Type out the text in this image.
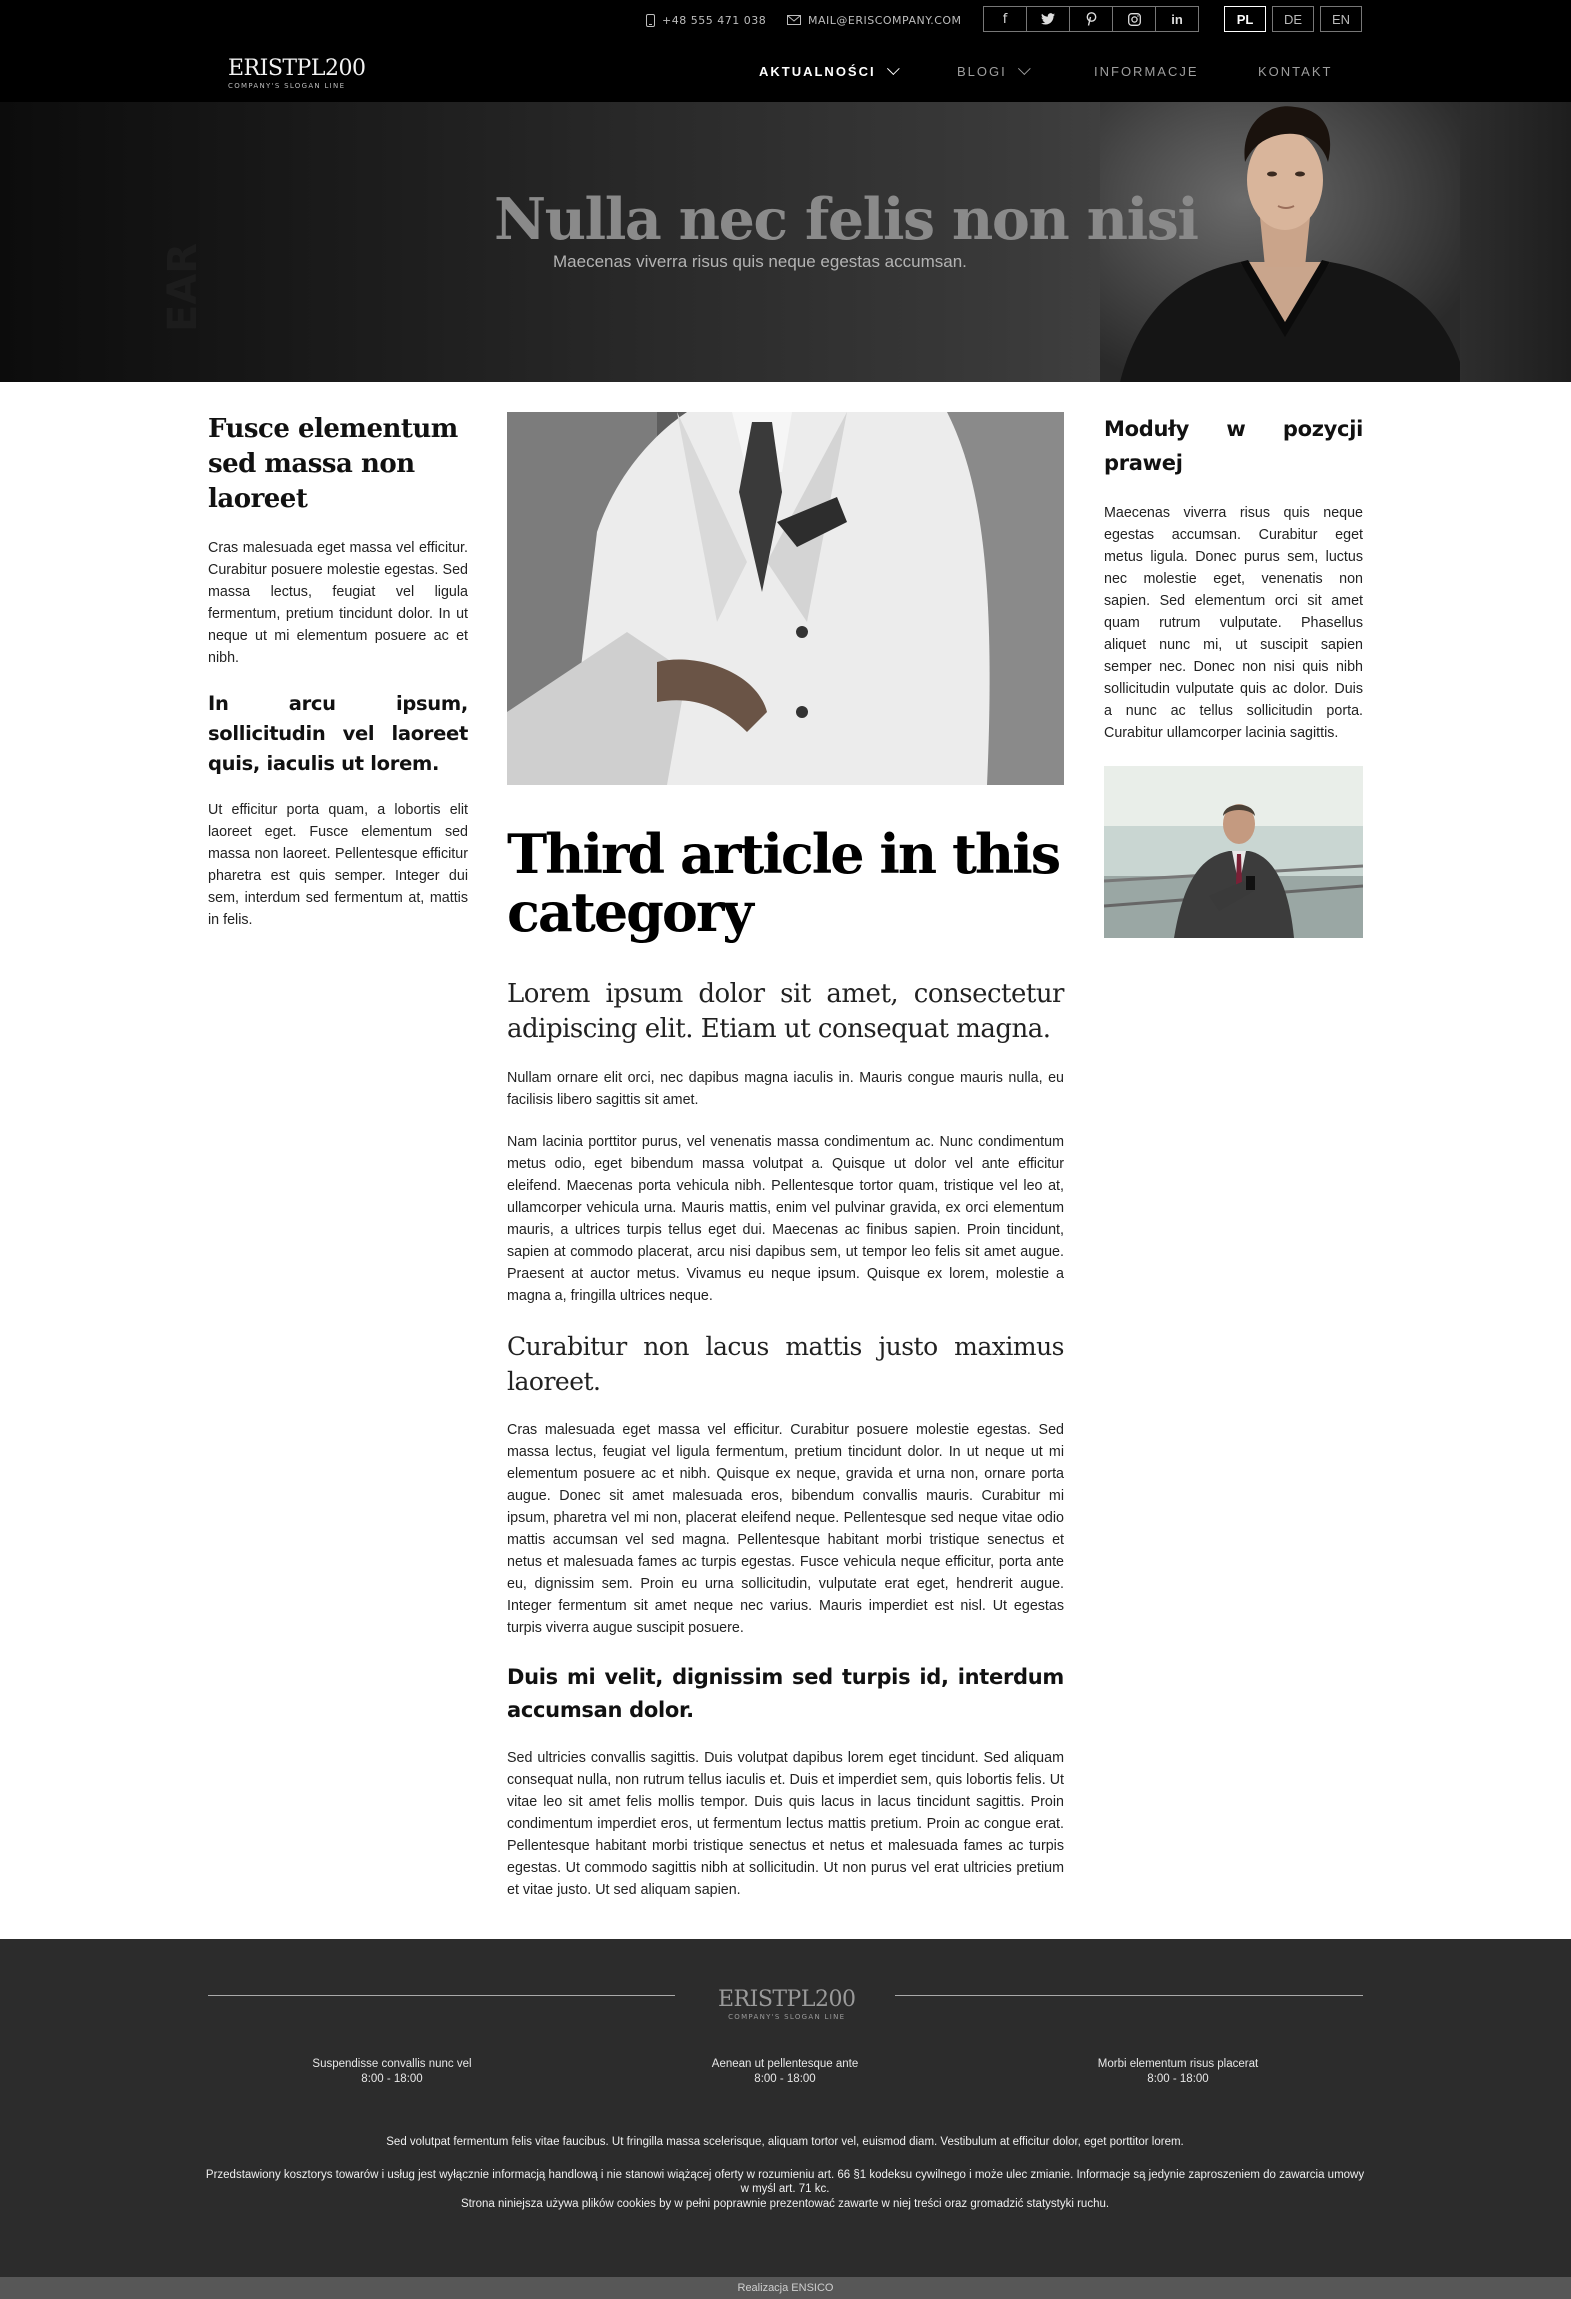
+48 555 471 038	MAIL@ERISCOMPANY.COM	f	in	PL	DE	EN
ERISTPL200
COMPANY'S SLOGAN LINE
AKTUALNOŚCI	BLOGI	INFORMACJE	KONTAKT
EAR
Nulla nec felis non nisi
Maecenas viverra risus quis neque egestas accumsan.
Fusce elementum sed massa non laoreet

Cras malesuada eget massa vel efficitur. Curabitur posuere molestie egestas. Sed massa lectus, feugiat vel ligula fermentum, pretium tincidunt dolor. In ut neque ut mi elementum posuere ac et nibh.

In arcu ipsum, sollicitudin vel laoreet quis, iaculis ut lorem.

Ut efficitur porta quam, a lobortis elit laoreet eget. Fusce elementum sed massa non laoreet. Pellentesque efficitur pharetra est quis semper. Integer dui sem, interdum sed fermentum at, mattis in felis.

Third article in this category
Lorem ipsum dolor sit amet, consectetur adipiscing elit. Etiam ut consequat magna.

Nullam ornare elit orci, nec dapibus magna iaculis in. Mauris congue mauris nulla, eu facilisis libero sagittis sit amet.

Nam lacinia porttitor purus, vel venenatis massa condimentum ac. Nunc condimentum metus odio, eget bibendum massa volutpat a. Quisque ut dolor vel ante efficitur eleifend. Maecenas porta vehicula nibh. Pellentesque tortor quam, tristique vel leo at, ullamcorper vehicula urna. Mauris mattis, enim vel pulvinar gravida, ex orci elementum mauris, a ultrices turpis tellus eget dui. Maecenas ac finibus sapien. Proin tincidunt, sapien at commodo placerat, arcu nisi dapibus sem, ut tempor leo felis sit amet augue. Praesent at auctor metus. Vivamus eu neque ipsum. Quisque ex lorem, molestie a magna a, fringilla ultrices neque.

Curabitur non lacus mattis justo maximus laoreet.

Cras malesuada eget massa vel efficitur. Curabitur posuere molestie egestas. Sed massa lectus, feugiat vel ligula fermentum, pretium tincidunt dolor. In ut neque ut mi elementum posuere ac et nibh. Quisque ex neque, gravida et urna non, ornare porta augue. Donec sit amet malesuada eros, bibendum convallis mauris. Curabitur mi ipsum, pharetra vel mi non, placerat eleifend neque. Pellentesque sed neque vitae odio mattis accumsan vel sed magna. Pellentesque habitant morbi tristique senectus et netus et malesuada fames ac turpis egestas. Fusce vehicula neque efficitur, porta ante eu, dignissim sem. Proin eu urna sollicitudin, vulputate erat eget, hendrerit augue. Integer fermentum sit amet neque nec varius. Mauris imperdiet est nisl. Ut egestas turpis viverra augue suscipit posuere.

Duis mi velit, dignissim sed turpis id, interdum accumsan dolor.

Sed ultricies convallis sagittis. Duis volutpat dapibus lorem eget tincidunt. Sed aliquam consequat nulla, non rutrum tellus iaculis et. Duis et imperdiet sem, quis lobortis felis. Ut vitae leo sit amet felis mollis tempor. Duis quis lacus in lacus tincidunt sagittis. Proin condimentum imperdiet eros, ut fermentum lectus mattis pretium. Proin ac congue erat. Pellentesque habitant morbi tristique senectus et netus et malesuada fames ac turpis egestas. Ut commodo sagittis nibh at sollicitudin. Ut non purus vel erat ultricies pretium et vitae justo. Ut sed aliquam sapien.

Moduły w pozycji
prawej

Maecenas viverra risus quis neque egestas accumsan. Curabitur eget metus ligula. Donec purus sem, luctus nec molestie eget, venenatis non sapien. Sed elementum orci sit amet quam rutrum vulputate. Phasellus aliquet nunc mi, ut suscipit sapien semper nec. Donec non nisi quis nibh sollicitudin vulputate quis ac dolor. Duis a nunc ac tellus sollicitudin porta. Curabitur ullamcorper lacinia sagittis.

ERISTPL200
COMPANY'S SLOGAN LINE
Suspendisse convallis nunc vel
8:00 - 18:00
Aenean ut pellentesque ante
8:00 - 18:00
Morbi elementum risus placerat
8:00 - 18:00
Sed volutpat fermentum felis vitae faucibus. Ut fringilla massa scelerisque, aliquam tortor vel, euismod diam. Vestibulum at efficitur dolor, eget porttitor lorem.
Przedstawiony kosztorys towarów i usług jest wyłącznie informacją handlową i nie stanowi wiążącej oferty w rozumieniu art. 66 §1 kodeksu cywilnego i może ulec zmianie. Informacje są jedynie zaproszeniem do zawarcia umowy w myśl art. 71 kc.
Strona niniejsza używa plików cookies by w pełni poprawnie prezentować zawarte w niej treści oraz gromadzić statystyki ruchu.
Realizacja ENSICO
